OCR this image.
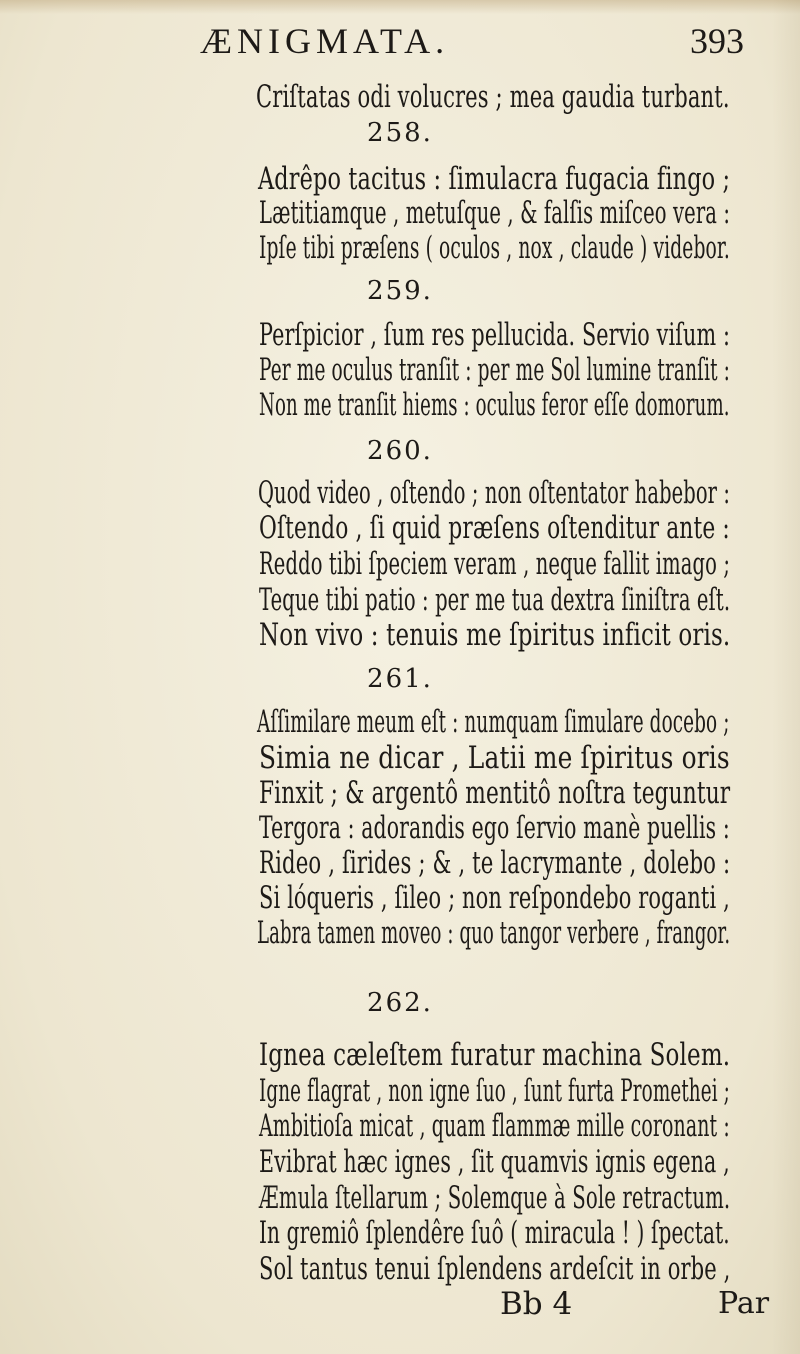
ÆNIGMATA.	393
Criſtatas odi volucres ; mea gaudia turbant.
258.
Adrêpo tacitus : ſimulacra fugacia fingo ;
Lætitiamque , metuſque , & falſis miſceo vera :
Ipſe tibi præſens ( oculos , nox , claude ) videbor.
259.
Perſpicior , ſum res pellucida. Servio viſum :
Per me oculus tranſit : per me Sol lumine tranſit :
Non me tranſit hiems : oculus feror eſſe domorum.
260.
Quod video , oſtendo ; non oſtentator habebor :
Oſtendo , ſi quid præſens oſtenditur ante :
Reddo tibi ſpeciem veram , neque fallit imago ;
Teque tibi patio : per me tua dextra ſiniſtra eſt.
Non vivo : tenuis me ſpiritus inficit oris.
261.
Aſſimilare meum eſt : numquam ſimulare docebo ;
Simia ne dicar , Latii me ſpiritus oris
Finxit ; & argentô mentitô noſtra teguntur
Tergora : adorandis ego ſervio manè puellis :
Rideo , ſirides ; & , te lacrymante , dolebo :
Si lóqueris , ſileo ; non reſpondebo roganti ,
Labra tamen moveo : quo tangor verbere , frangor.
262.
Ignea cæleſtem furatur machina Solem.
Igne flagrat , non igne ſuo , ſunt furta Promethei ;
Ambitioſa micat , quam flammæ mille coronant :
Evibrat hæc ignes , ſit quamvis ignis egena ,
Æmula ſtellarum ; Solemque à Sole retractum.
In gremiô ſplendêre ſuô ( miracula ! ) ſpectat.
Sol tantus tenui ſplendens ardeſcit in orbe ,
Bb 4	Par
